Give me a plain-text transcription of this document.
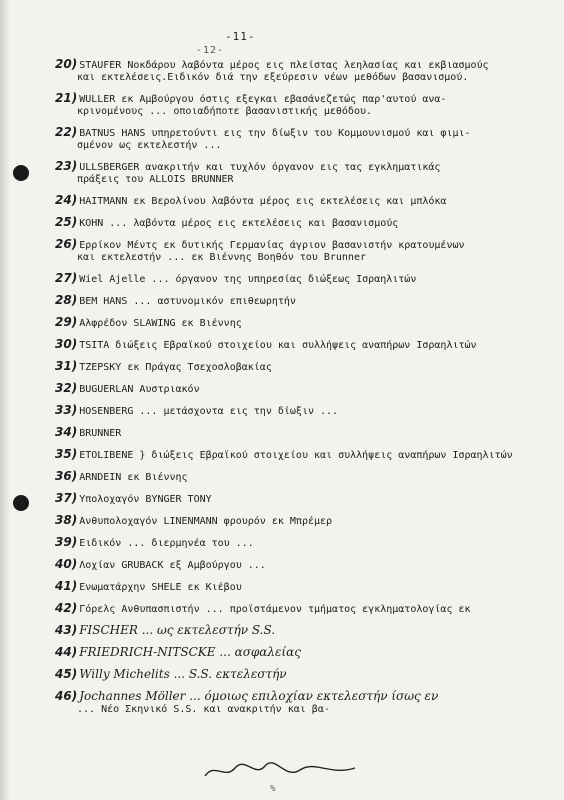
-11-
-12-
20) STAUFER Νοκδάρου λαβόντα μέρος εις πλείστας λεηλασίας και εκβιασμούς
και εκτελέσεις.Ειδικόν διά την εξεύρεσιν νέων μεθόδων βασανισμού.
21) WULLER εκ Αμβούργου όστις εξεγκαι εβασάνεζετώς παρ'αυτού ανα-
κρινομένους ... οποιαδήποτε βασανιστικής μεθόδου.
22) BATNUS HANS υπηρετούντι εις την δίωξιν του Κομμουνισμού και φιμι-
σμένον ως εκτελεστήν ...
23) ULLSBERGER ανακριτήν και τυχλόν όργανον εις τας εγκληματικάς
πράξεις του ALLOIS BRUNNER
24) HAITMANN εκ Βερολίνου λαβόντα μέρος εις εκτελέσεις και μπλόκα
25) KOHN ... λαβόντα μέρος εις εκτελέσεις και βασανισμούς
26) Ερρίκον Μέντς εκ δυτικής Γερμανίας άγριον βασανιστήν κρατουμένων
και εκτελεστήν ... εκ Βιέννης Βοηθόν του Brunner
27) Wiel Ajelle ... όργανον της υπηρεσίας διώξεως Ισραηλιτών
28) BEM HANS ... αστυνομικόν επιθεωρητήν
29) Αλφρέδον SLAWING εκ Βιέννης
30) TSITA διώξεις Εβραϊκού στοιχείου και συλλήψεις αναπήρων Ισραηλιτών
31) TZEPSKY εκ Πράγας Τσεχοσλοβακίας
32) BUGUERLAN Αυστριακόν
33) HOSENBERG ... μετάσχοντα εις την δίωξιν ...
34) BRUNNER
35) ETOLIBENE } διώξεις Εβραϊκού στοιχείου και συλλήψεις αναπήρων Ισραηλιτών
36) ARNDEIN εκ Βιέννης
37) Υπολοχαγόν BYNGER TONY
38) Ανθυπολοχαγόν LINENMANN φρουρόν εκ Μπρέμερ
39) Ειδικόν ... διερμηνέα του ...
40) Λοχίαν GRUBACK εξ Αμβούργου ...
41) Ενωματάρχην SHELE εκ Κιέβου
42) Γόρελς Ανθυπασπιστήν ... προϊστάμενον τμήματος εγκληματολογίας εκ
43) FISCHER ... ως εκτελεστήν S.S.
44) FRIEDRICH-NITSCKE ... ασφαλείας
45) Willy Michelits ... S.S. εκτελεστήν
46) Jochannes Möller ... όμοιως επιλοχίαν εκτελεστήν ίσως εν
... Νέο Σκηνικό S.S. και ανακριτήν και βα-
%
